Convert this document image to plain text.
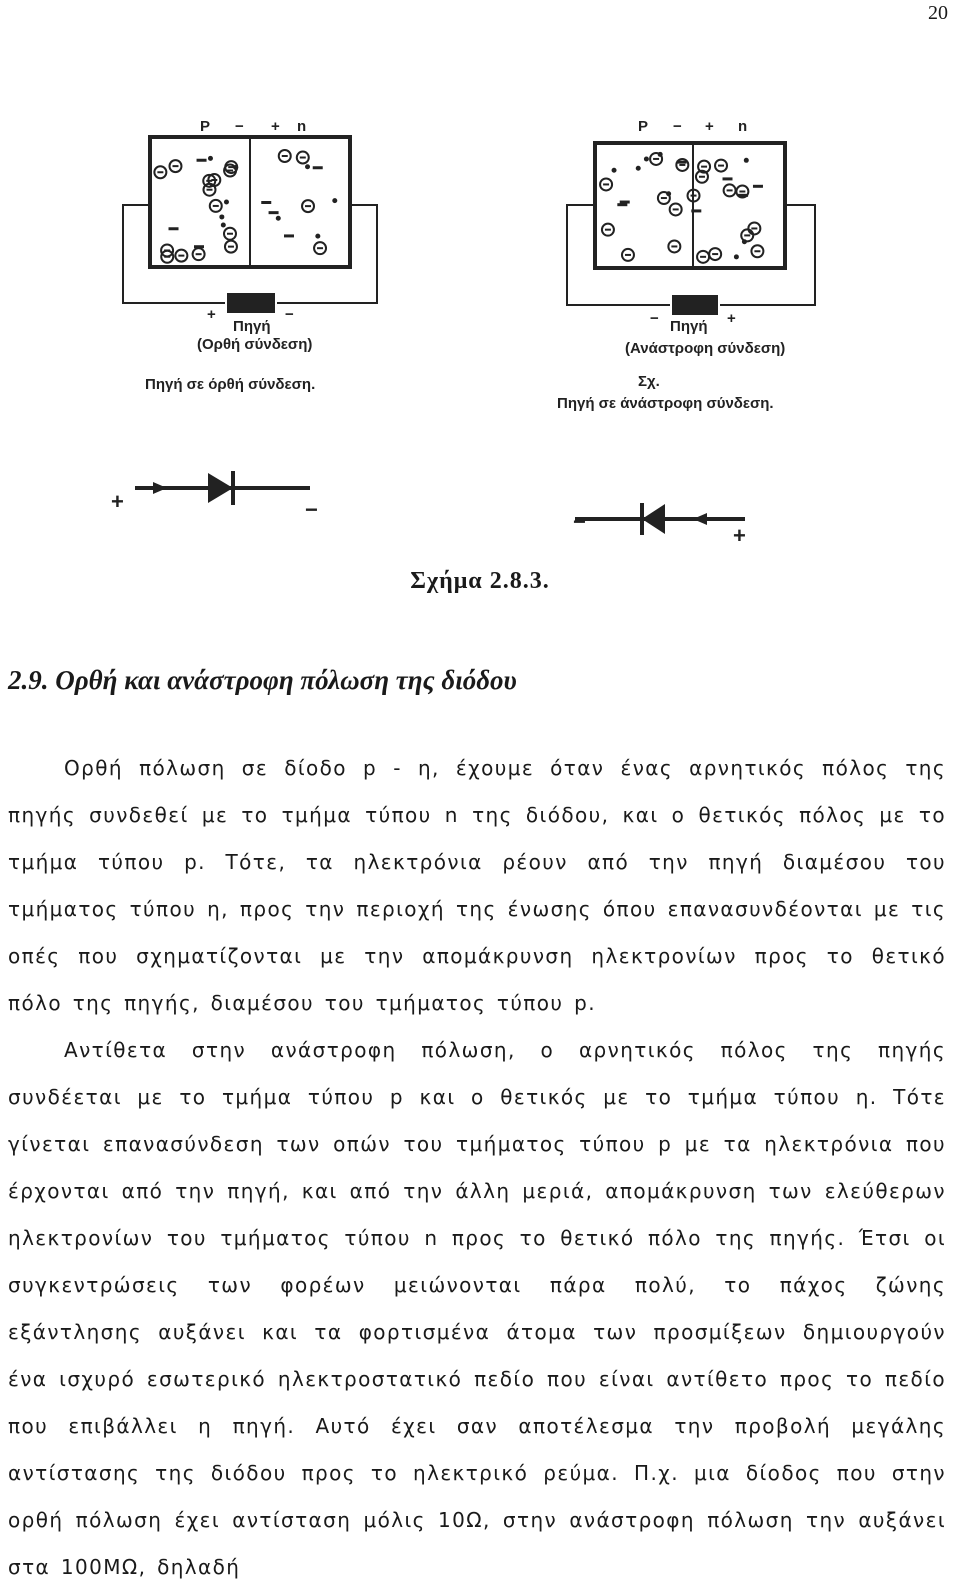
20
P − + n
+	−
Πηγή
(Ορθή σύνδεση)
Πηγή σε όρθή σύνδεση.
+	−
P − + n
−	+
Πηγή
(Ανάστροφη σύνδεση)
Σχ.
Πηγή σε άνάστροφη σύνδεση.
−
+
Σχήμα 2.8.3.
2.9. Ορθή και ανάστροφη πόλωση της διόδου

Ορθή πόλωση σε δίοδο p - η, έχουμε όταν ένας αρνητικός πόλος της πηγής συνδεθεί με το τμήμα τύπου n της διόδου, και ο θετικός πόλος με το τμήμα τύπου p. Τότε, τα ηλεκτρόνια ρέουν από την πηγή διαμέσου του τμήματος τύπου η, προς την περιοχή της ένωσης όπου επανασυνδέονται με τις οπές που σχηματίζονται με την απομάκρυνση ηλεκτρονίων προς το θετικό πόλο της πηγής, διαμέσου του τμήματος τύπου p.

Αντίθετα στην ανάστροφη πόλωση, ο αρνητικός πόλος της πηγής συνδέεται με το τμήμα τύπου p και ο θετικός με το τμήμα τύπου η. Τότε γίνεται επανασύνδεση των οπών του τμήματος τύπου p με τα ηλεκτρόνια που έρχονται από την πηγή, και από την άλλη μεριά, απομάκρυνση των ελεύθερων ηλεκτρονίων του τμήματος τύπου n προς το θετικό πόλο της πηγής. Έτσι οι συγκεντρώσεις των φορέων μειώνονται πάρα πολύ, το πάχος ζώνης εξάντλησης αυξάνει και τα φορτισμένα άτομα των προσμίξεων δημιουργούν ένα ισχυρό εσωτερικό ηλεκτροστατικό πεδίο που είναι αντίθετο προς το πεδίο που επιβάλλει η πηγή. Αυτό έχει σαν αποτέλεσμα την προβολή μεγάλης αντίστασης της διόδου προς το ηλεκτρικό ρεύμα. Π.χ. μια δίοδος που στην ορθή πόλωση έχει αντίσταση μόλις 10Ω, στην ανάστροφη πόλωση την αυξάνει στα 100ΜΩ, δηλαδή
